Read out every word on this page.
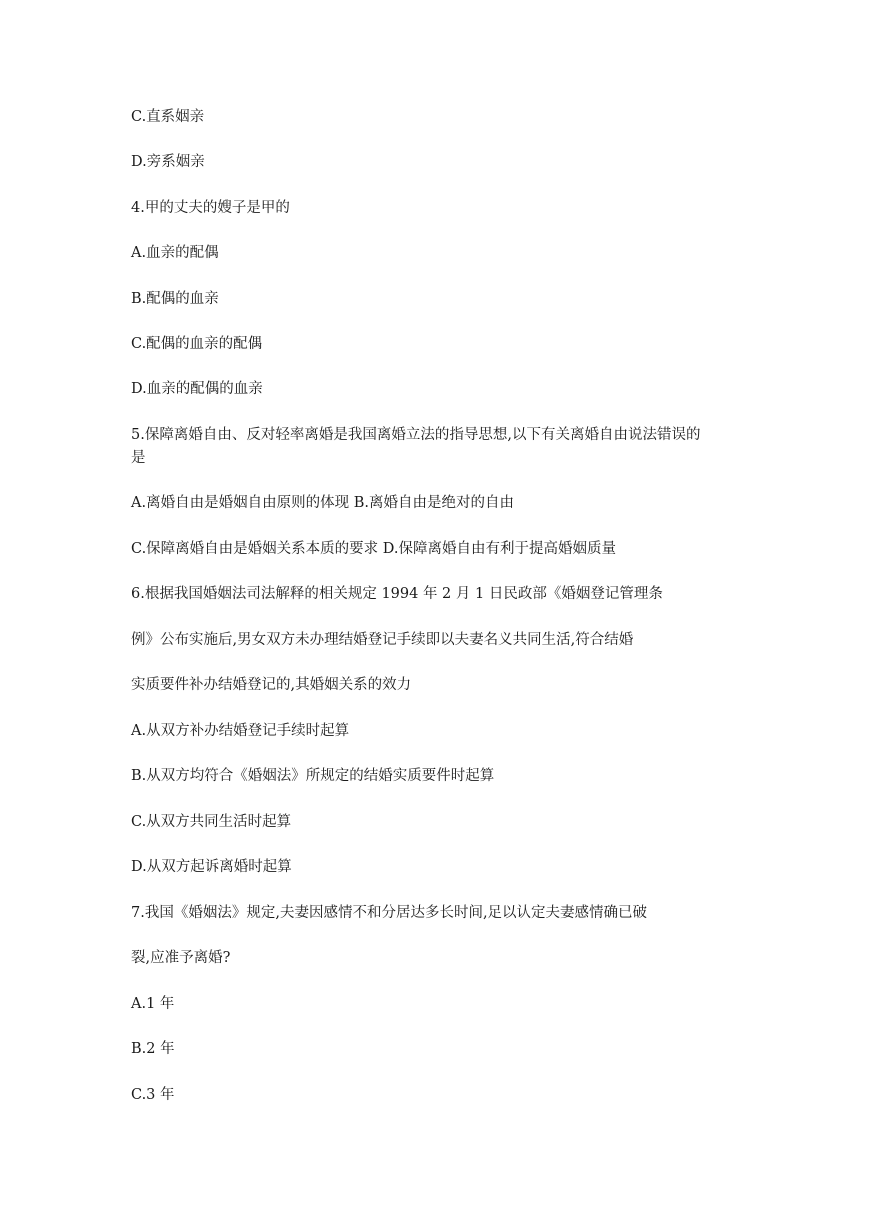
C.直系姻亲
D.旁系姻亲
4.甲的丈夫的嫂子是甲的
A.血亲的配偶
B.配偶的血亲
C.配偶的血亲的配偶
D.血亲的配偶的血亲
5.保障离婚自由、反对轻率离婚是我国离婚立法的指导思想,以下有关离婚自由说法错误的
是
A.离婚自由是婚姻自由原则的体现 B.离婚自由是绝对的自由
C.保障离婚自由是婚姻关系本质的要求 D.保障离婚自由有利于提高婚姻质量
6.根据我国婚姻法司法解释的相关规定 1994 年 2 月 1 日民政部《婚姻登记管理条
例》公布实施后,男女双方未办理结婚登记手续即以夫妻名义共同生活,符合结婚
实质要件补办结婚登记的,其婚姻关系的效力
A.从双方补办结婚登记手续时起算
B.从双方均符合《婚姻法》所规定的结婚实质要件时起算
C.从双方共同生活时起算
D.从双方起诉离婚时起算
7.我国《婚姻法》规定,夫妻因感情不和分居达多长时间,足以认定夫妻感情确已破
裂,应准予离婚?
A.1 年
B.2 年
C.3 年
